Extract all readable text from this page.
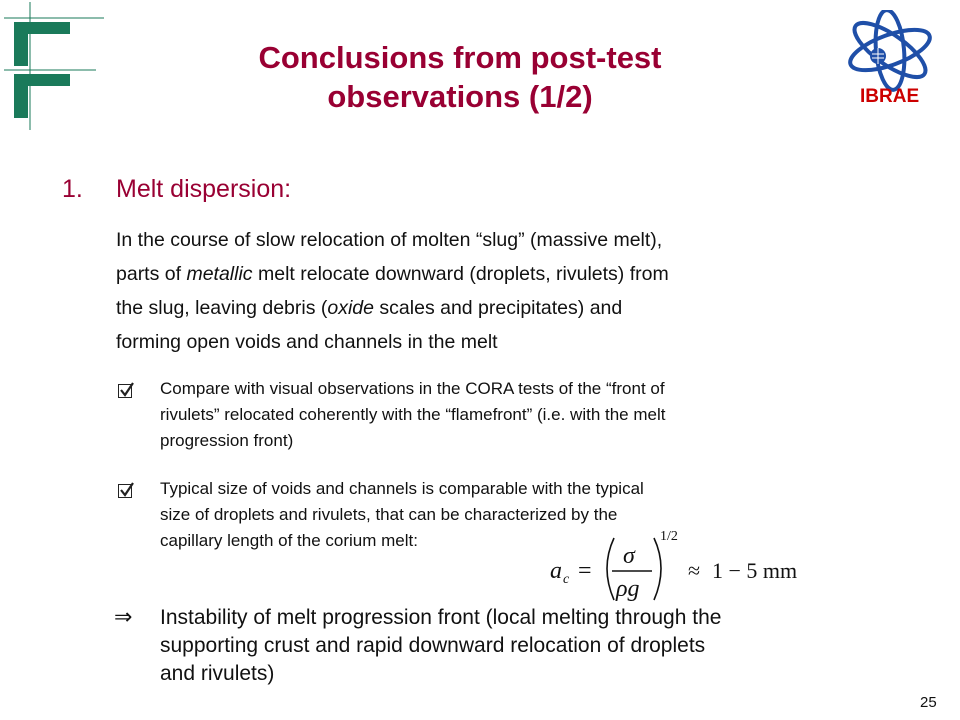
IBRAE
Conclusions from post-test
observations (1/2)
1. Melt dispersion:
In the course of slow relocation of molten “slug” (massive melt),
parts of metallic melt relocate downward (droplets, rivulets) from
the slug, leaving debris (oxide scales and precipitates) and
forming open voids and channels in the melt
Compare with visual observations in the CORA tests of the “front of
rivulets” relocated coherently with the “flamefront” (i.e. with the melt
progression front)
Typical size of voids and channels is comparable with the typical
size of droplets and rivulets, that can be characterized by the
capillary length of the corium melt:
a c =
σ
ρg
1/2
≈ 1 − 5 mm
⇒ Instability of melt progression front (local melting through the
supporting crust and rapid downward relocation of droplets
and rivulets)
25
